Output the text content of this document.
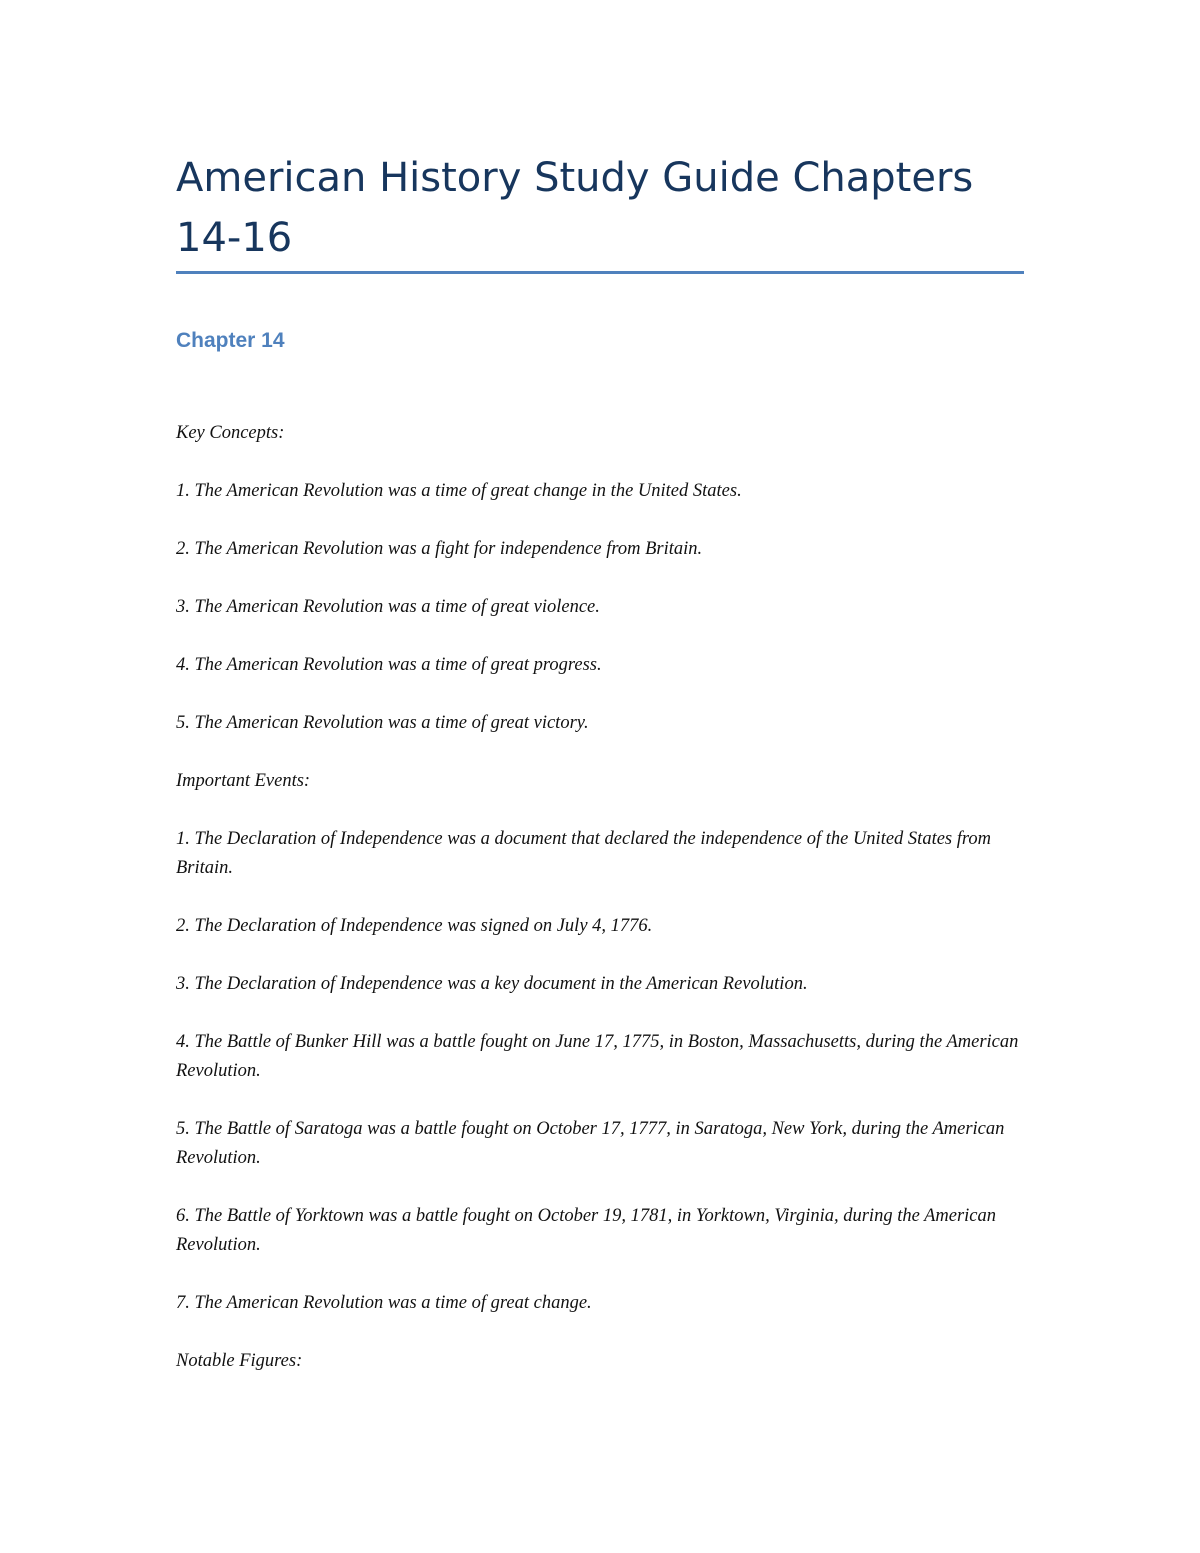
American History Study Guide Chapters 14-16
Chapter 14

Key Concepts:

1. The American Revolution was a time of great change in the United States.

2. The American Revolution was a fight for independence from Britain.

3. The American Revolution was a time of great violence.

4. The American Revolution was a time of great progress.

5. The American Revolution was a time of great victory.

Important Events:

1. The Declaration of Independence was a document that declared the independence of the United States from Britain.

2. The Declaration of Independence was signed on July 4, 1776.

3. The Declaration of Independence was a key document in the American Revolution.

4. The Battle of Bunker Hill was a battle fought on June 17, 1775, in Boston, Massachusetts, during the American Revolution.

5. The Battle of Saratoga was a battle fought on October 17, 1777, in Saratoga, New York, during the American Revolution.

6. The Battle of Yorktown was a battle fought on October 19, 1781, in Yorktown, Virginia, during the American Revolution.

7. The American Revolution was a time of great change.

Notable Figures:
